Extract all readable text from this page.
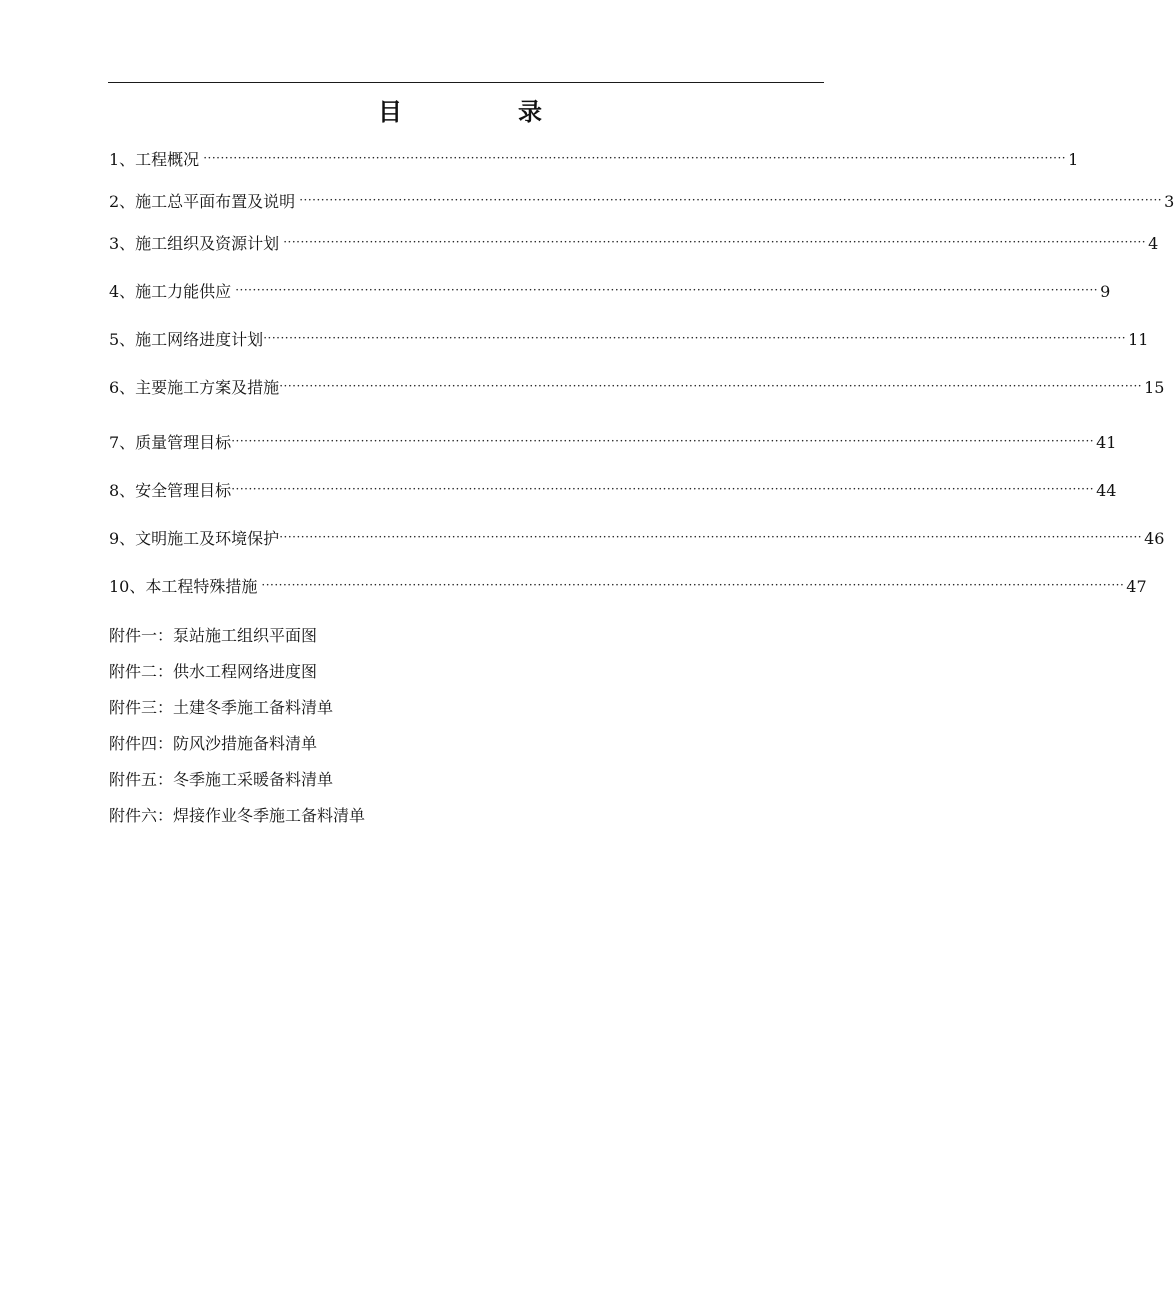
目　录
1、工程概况 ········································································································································································································ 1
2、施工总平面布置及说明 ········································································································································································································ 3
3、施工组织及资源计划 ········································································································································································································ 4
4、施工力能供应 ········································································································································································································ 9
5、施工网络进度计划 ········································································································································································································ 11
6、主要施工方案及措施 ········································································································································································································ 15
7、质量管理目标 ········································································································································································································ 41
8、安全管理目标 ········································································································································································································ 44
9、文明施工及环境保护 ········································································································································································································ 46
10、本工程特殊措施 ········································································································································································································ 47
附件一：泵站施工组织平面图
附件二：供水工程网络进度图
附件三：土建冬季施工备料清单
附件四：防风沙措施备料清单
附件五：冬季施工采暖备料清单
附件六：焊接作业冬季施工备料清单
